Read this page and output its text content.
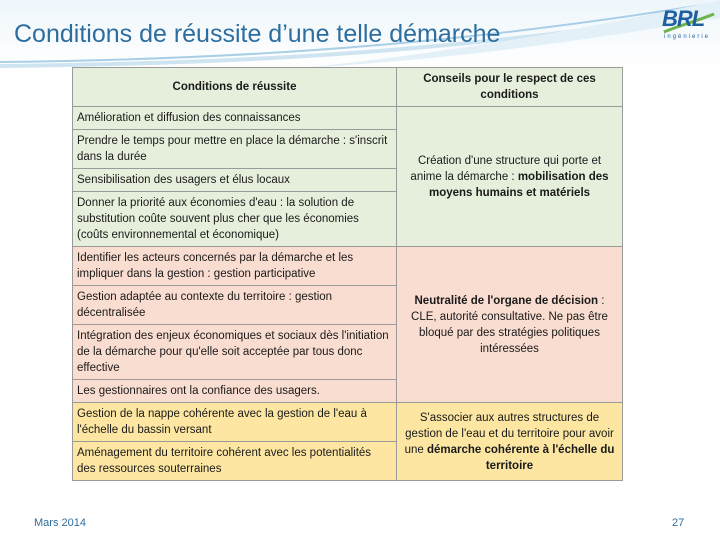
Conditions de réussite d’une telle démarche
BRL
ingénierie
Conditions de réussite	Conseils pour le respect de ces conditions
Amélioration et diffusion des connaissances	Création d'une structure qui porte et anime la démarche : mobilisation des moyens humains et matériels
Prendre le temps pour mettre en place la démarche : s'inscrit dans la durée	
Sensibilisation des usagers et élus locaux	
Donner la priorité aux économies d'eau : la solution de substitution coûte souvent plus cher que les économies (coûts environnemental et économique)	
Identifier les acteurs concernés par la démarche et les impliquer dans la gestion : gestion participative	Neutralité de l'organe de décision : CLE, autorité consultative. Ne pas être bloqué par des stratégies politiques intéressées
Gestion adaptée au contexte du territoire : gestion décentralisée	
Intégration des enjeux économiques et sociaux dès l'initiation de la démarche pour qu'elle soit acceptée par tous donc effective	
Les gestionnaires ont la confiance des usagers.	
Gestion de la nappe cohérente avec la gestion de l'eau à l'échelle du bassin versant	S'associer aux autres structures de gestion de l'eau et du territoire pour avoir une démarche cohérente à l'échelle du territoire
Aménagement du territoire cohérent avec les potentialités des ressources souterraines	
Mars 2014	27
